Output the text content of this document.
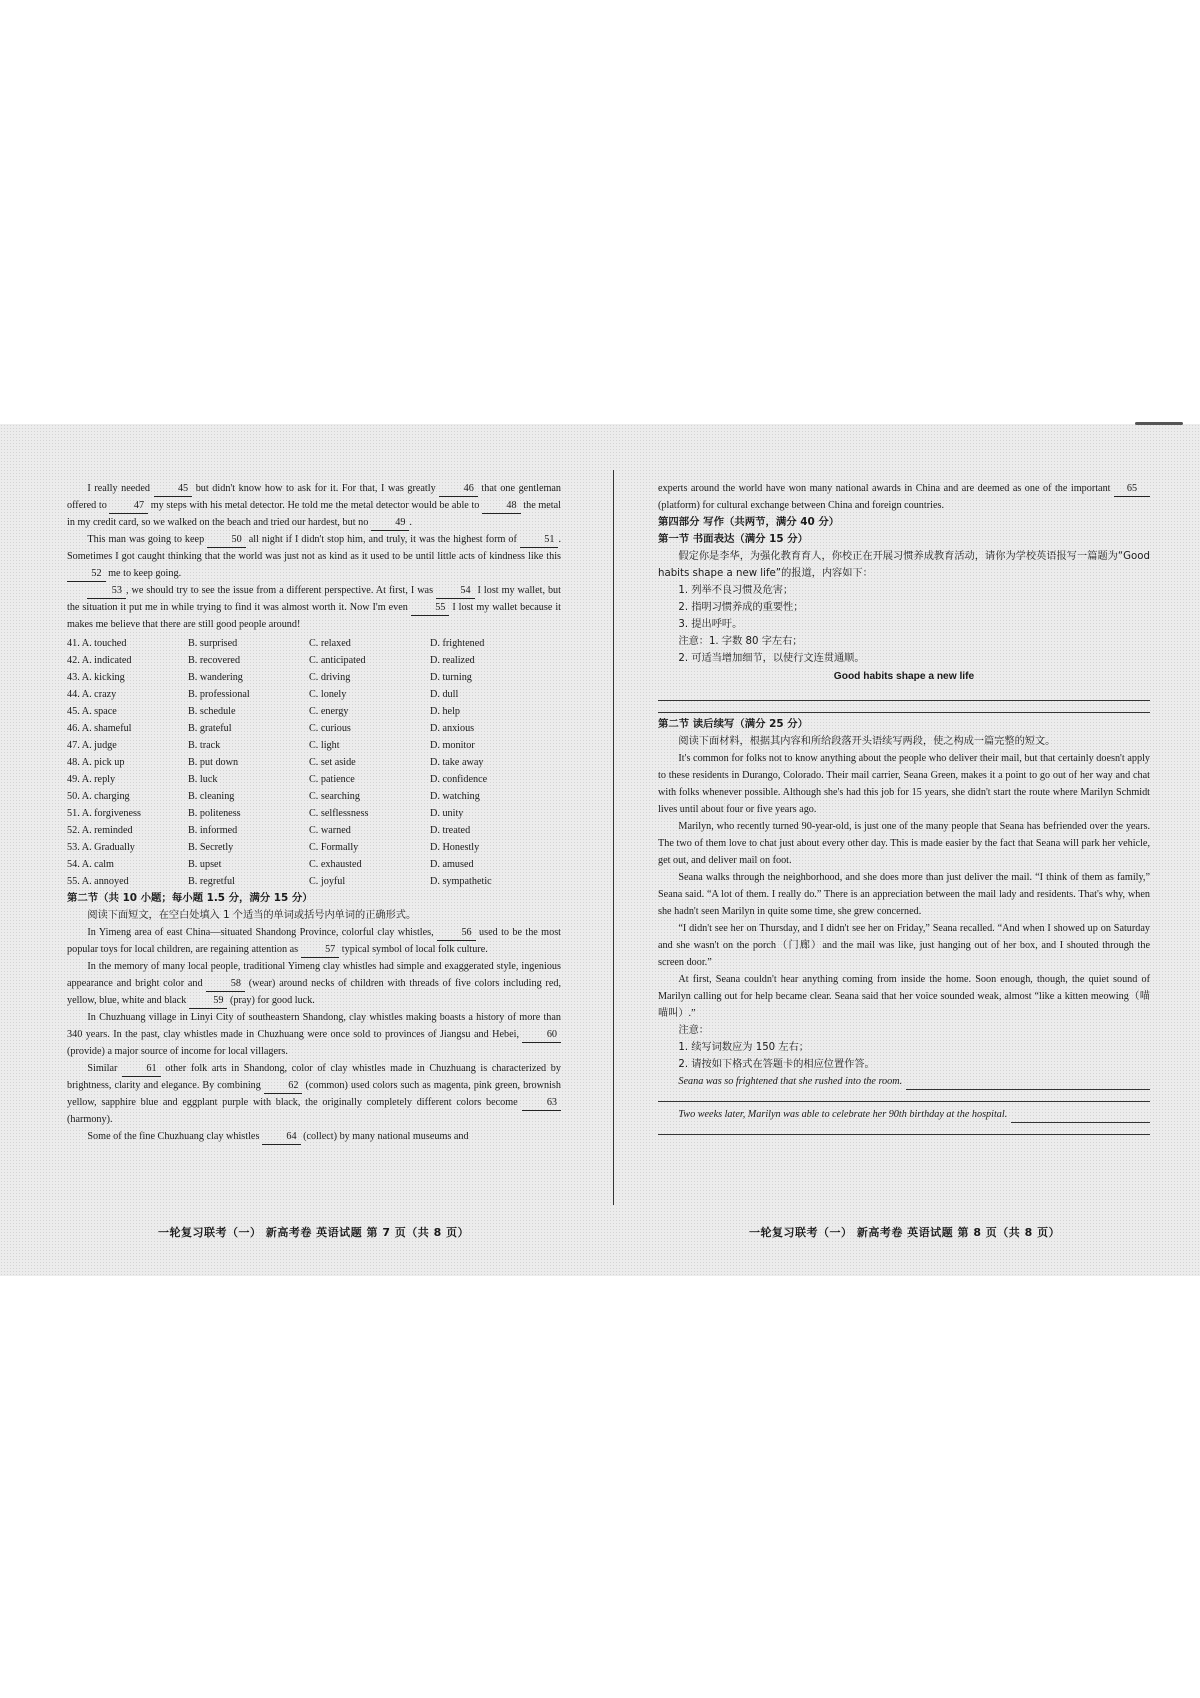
I really needed 45 but didn't know how to ask for it. For that, I was greatly 46 that one gentleman offered to 47 my steps with his metal detector. He told me the metal detector would be able to 48 the metal in my credit card, so we walked on the beach and tried our hardest, but no 49 .

This man was going to keep 50 all night if I didn't stop him, and truly, it was the highest form of 51 . Sometimes I got caught thinking that the world was just not as kind as it used to be until little acts of kindness like this 52 me to keep going.

53 , we should try to see the issue from a different perspective. At first, I was 54 I lost my wallet, but the situation it put me in while trying to find it was almost worth it. Now I'm even 55 I lost my wallet because it makes me believe that there are still good people around!

41. A. touched	B. surprised	C. relaxed	D. frightened
42. A. indicated	B. recovered	C. anticipated	D. realized
43. A. kicking	B. wandering	C. driving	D. turning
44. A. crazy	B. professional	C. lonely	D. dull
45. A. space	B. schedule	C. energy	D. help
46. A. shameful	B. grateful	C. curious	D. anxious
47. A. judge	B. track	C. light	D. monitor
48. A. pick up	B. put down	C. set aside	D. take away
49. A. reply	B. luck	C. patience	D. confidence
50. A. charging	B. cleaning	C. searching	D. watching
51. A. forgiveness	B. politeness	C. selflessness	D. unity
52. A. reminded	B. informed	C. warned	D. treated
53. A. Gradually	B. Secretly	C. Formally	D. Honestly
54. A. calm	B. upset	C. exhausted	D. amused
55. A. annoyed	B. regretful	C. joyful	D. sympathetic

第二节（共 10 小题；每小题 1.5 分，满分 15 分）

阅读下面短文，在空白处填入 1 个适当的单词或括号内单词的正确形式。

In Yimeng area of east China—situated Shandong Province, colorful clay whistles, 56 used to be the most popular toys for local children, are regaining attention as 57 typical symbol of local folk culture.

In the memory of many local people, traditional Yimeng clay whistles had simple and exaggerated style, ingenious appearance and bright color and 58 (wear) around necks of children with threads of five colors including red, yellow, blue, white and black 59 (pray) for good luck.

In Chuzhuang village in Linyi City of southeastern Shandong, clay whistles making boasts a history of more than 340 years. In the past, clay whistles made in Chuzhuang were once sold to provinces of Jiangsu and Hebei, 60 (provide) a major source of income for local villagers.

Similar 61 other folk arts in Shandong, color of clay whistles made in Chuzhuang is characterized by brightness, clarity and elegance. By combining 62 (common) used colors such as magenta, pink green, brownish yellow, sapphire blue and eggplant purple with black, the originally completely different colors become 63 (harmony).

Some of the fine Chuzhuang clay whistles 64 (collect) by many national museums and

experts around the world have won many national awards in China and are deemed as one of the important 65 (platform) for cultural exchange between China and foreign countries.

第四部分 写作（共两节，满分 40 分）

第一节 书面表达（满分 15 分）

假定你是李华，为强化教育育人，你校正在开展习惯养成教育活动，请你为学校英语报写一篇题为“Good habits shape a new life”的报道，内容如下：

1. 列举不良习惯及危害；

2. 指明习惯养成的重要性；

3. 提出呼吁。

注意：1. 字数 80 字左右；

2. 可适当增加细节，以使行文连贯通顺。

Good habits shape a new life

第二节 读后续写（满分 25 分）

阅读下面材料，根据其内容和所给段落开头语续写两段，使之构成一篇完整的短文。

It's common for folks not to know anything about the people who deliver their mail, but that certainly doesn't apply to these residents in Durango, Colorado. Their mail carrier, Seana Green, makes it a point to go out of her way and chat with folks whenever possible. Although she's had this job for 15 years, she didn't start the route where Marilyn Schmidt lives until about four or five years ago.

Marilyn, who recently turned 90-year-old, is just one of the many people that Seana has befriended over the years. The two of them love to chat just about every other day. This is made easier by the fact that Seana will park her vehicle, get out, and deliver mail on foot.

Seana walks through the neighborhood, and she does more than just deliver the mail. “I think of them as family,” Seana said. “A lot of them. I really do.” There is an appreciation between the mail lady and residents. That's why, when she hadn't seen Marilyn in quite some time, she grew concerned.

“I didn't see her on Thursday, and I didn't see her on Friday,” Seana recalled. “And when I showed up on Saturday and she wasn't on the porch（门廊）and the mail was like, just hanging out of her box, and I shouted through the screen door.”

At first, Seana couldn't hear anything coming from inside the home. Soon enough, though, the quiet sound of Marilyn calling out for help became clear. Seana said that her voice sounded weak, almost “like a kitten meowing（喵喵叫）.”

注意：

1. 续写词数应为 150 左右；

2. 请按如下格式在答题卡的相应位置作答。

Seana was so frightened that she rushed into the room.
Two weeks later, Marilyn was able to celebrate her 90th birthday at the hospital.
一轮复习联考（一） 新高考卷 英语试题 第 7 页（共 8 页）	一轮复习联考（一） 新高考卷 英语试题 第 8 页（共 8 页）
